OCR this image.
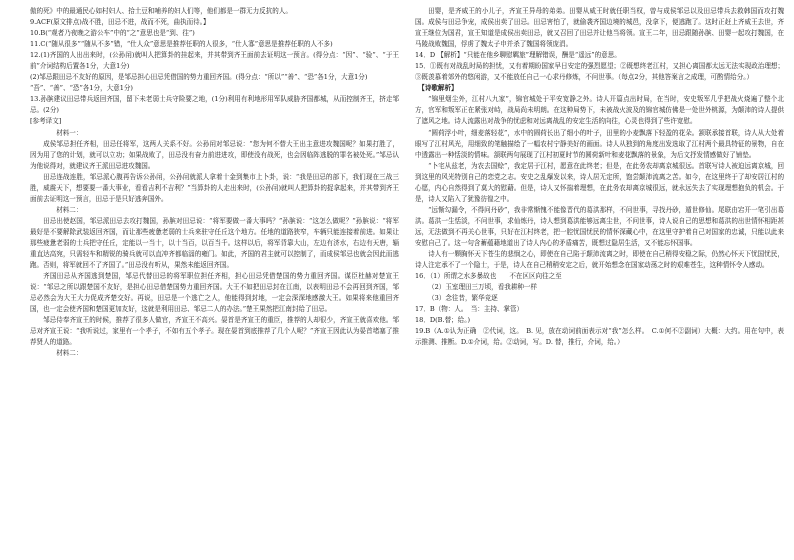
傲的死》中的最通民心如村妇人、拾土豆和哺养的妇人们等，他们都是一群无力反抗的人。

9.ACF(原文排点)战不胜，田忌不进，战而不死，曲执而待。】

10.B(“观者乃夜晚之游公车”中的“之”意思也是“到、往”)

11.C(“随从很多”“随从不多”错，“仕人众”意思是推荐任职的人很多，“仕人寡”意思是推荐任职的人不多)

12.(1)齐国的人出出来时，(公孙闬)就叫人把算卦的挂起来，并其带到齐王面前去证明这一预言。(得分点：“因”、“验”、“于王前”介词结构后置各1分，大意1分)

(2)邹忌跟田忌不友好的原因，是邹忌担心田忌凭借国的势力重回齐国。(得分点：“所以”“善”、“恐”各1分，大意1分)

“吾”、“善”、“恐”各1分，大意1分)

13.孙膑建议田忌带兵返回齐国，留下未老弱士兵守险要之地，(1分)利用有利地形用军队威胁齐国都城，从而控制齐王，挤走邹忌。(2分)

[参考译文]

材料一：

成侯邹忌担任齐相，田忌任将军，这两人关系不好。公孙闬对邹忌说：“您为何不替大王出主意进攻魏国呢？如果打胜了，因为用了您的计划，就可以立功；如果战败了，田忌没有奋力前进进攻，即使没有战死，也会因临阵逃脱的罪名被处死。”邹忌认为他说得对，就建议齐王派田忌进攻魏国。

田忌连战连胜，邹忌派心腹再告诉公孙闬，公孙闬就派人拿着十金到集市上卜卦，说：“我是田忌的部下，我们现在三战三胜，威震天下，想要要一番大事业，看看吉利不吉利？”当算卦的人走出来时，(公孙闬)就叫人把算卦的捉拿起来，并其带到齐王面前去证明这一预言，田忌于是只好逃奔国外。

材料二：

田忌出使赵国，邹忌派田忌去攻打魏国，孙膑对田忌说：“将军要做一番大事吗？”孙膑说：“这怎么做呢？”孙膑说：“将军最好是不要解除武装返回齐国，而让那些疲惫老弱的士兵来驻守任丘这个地方。任地的道路狭窄，车辆只能连接着前进。如果让那些疲惫老弱的士兵把守任丘，定能以一当十，以十当百，以百当千。这样以后，将军背靠大山，左边有济水，右边有天唐，辎重直达高宛，只需轻车和精锐的骑兵就可以直冲齐都临淄的雍门。如此，齐国的君主就可以控制了，而成侯邹忌也就会因此而逃跑。否则，将军就回不了齐国了。”田忌没有听从，果然未能返回齐国。

齐国田忌从齐国逃到楚国，邹忌代替田忌的将军职位担任齐相，担心田忌凭借楚国的势力重回齐国。谋臣杜赫对楚宣王说：“邹忌之所以跟楚国不友好，是担心田忌借楚国势力重回齐国。大王不如把田忌封在江南，以表明田忌不会再回到齐国，邹忌必然会为大王大力促成齐楚交好。再说，田忌是一个逃亡之人，他能得到封地，一定会深深地感激大王。如果将来他重回齐国，也一定会使齐国和楚国更加友好，这就是利用田忌、邹忌二人的办法。”楚王果然把江南封给了田忌。

邹忌侍奉齐宣王的时候，推荐了很多人做官，齐宣王不高兴。晏首是齐宣王的重臣，推荐的人却很少，齐宣王就喜欢他。邹忌对齐宣王说：“我听说过，家里有一个孝子，不如有五个孝子。现在晏首到底推荐了几个人呢？”齐宣王因此认为晏首堵塞了推荐贤人的道路。

材料二：

田婴，是齐威王的小儿子，齐宣王异母的弟弟。田婴从威王时就任职当权，曾与成侯邹忌以及田忌带兵去救韩国而攻打魏国。成侯与田忌争宠，成侯出卖了田忌。田忌害怕了，就偷袭齐国边境的城邑，没拿下，便逃跑了。这时正赶上齐威王去世，齐宣王继位为国君，宣王知道是成侯出卖田忌，就又召回了田忌并让他当将领。宣王二年，田忌跟随孙膑、田婴一起攻打魏国，在马陵战败魏国，俘虏了魏太子申并杀了魏国将领庞涓。

14．D 【解析】“只能在他乡聊慰羁旅”理解错误，酬是“遥远”的意思。

15．①既有对战乱时局的担忧，又有着期盼国家早日安定的强烈愿望；②既想终老江村，又担心离国都太远无法实现政治理想；③既羡慕着郊外的悠闲游，又不能放任自己一心求丹修炼，不问世事。（每点2分，其他答案言之成理，可酌情给分。）

【诗歌解析】

“锦里烟尘外，江村八九家”，锦官城处于平安宽静之外。诗人开篇点出时局，在当时，安史叛军几乎把战火烧遍了整个北方，官军和叛军正在紧张对峙，战局尚未明朗。在这种局势下，未被战火波及的锦官城仿佛是一处世外桃源，为颠沛的诗人提供了遮风之地。诗人流露出对战争的忧虑和对远离战乱的安定生活的向往，心灵也得到了些许宽慰。

“圆荷浮小叶，细麦落轻花”，水中的圆荷长出了细小的叶子，田里的小麦飘落下轻盈的花朵。颔联承接首联，诗人从大处着眼写了江村风光，用细致的笔触描绘了一幅农村宁静美好的画面。诗人从独到的角度出发选取了江村两个最具特征的景物，自在中透露出一种恬淡的情味。颔联两句展现了江村初夏时节的圆荷新叶和麦花飘落的景象，为后文抒发情感做好了铺垫。

“卜宅从兹老，为农去国赊”，我定居于江村，愿意在此终老；但是，在此务农却离京城很远。首联写诗人被迫远离京城，回到这里的风光特别自己的恋党之志。安史之乱爆发以来，诗人居无定所，饱尝颠沛流离之苦。如今，在这里终于了却安居江村的心愿，内心自然得到了莫大的慰藉。但是，诗人又怀揣着理想，在此务农却离京城很远，就永远失去了实现理想抱负的机会。于是，诗人又陷入了犹豫彷徨之中。

“远惭勾漏令，不得问丹砂”，我非常惭愧不能像晋代的葛洪那样，不问世事，寻找丹砂，遁世修仙。尾联由宕开一笔引出葛洪。葛洪一生恬淡，不问世事，求仙炼丹，诗人想到葛洪能够远离尘世，不问世事，诗人说自己的思想和葛洪的出世情怀相距甚远，无法做到不再关心世事，只好在江村终老，把一腔忧国忧民的情怀深藏心中，在这里守护着自己对国家的忠诚，只能以此来安慰自己了。这一句含蓄蕴藉地道出了诗人内心的矛盾痛苦，既想过隐居生活，又不能忘怀国事。

诗人有一颗胸怀天下苍生的悲悯之心，即使在自己陷于颠沛流离之时，即使在自己稍得安稳之际，仍然心怀天下忧国忧民，诗人注定承不了一个隐士，于是，诗人在自己稍稍安定之后，就开始想念在国家动荡之时的艰难苍生，这种情怀令人感动。

16．（1）所谓之水多暴故也　　不在区区向往之至

（2）玉室理田三万顷，看我耕种一样

（3）念往昔，繁华竞逐

17．B（物：人。　当：主持、掌管）

18．D(B.替；给。)

19.B（A.①认为正确　②代词，这。　B. 见，放在动词前面表示对“我”怎么样。　C.①何不②副词）大概：大约。用在句中，表示推测、推断。D.①介词，给。②动词，写。D. 替，推行，介词，给。）
